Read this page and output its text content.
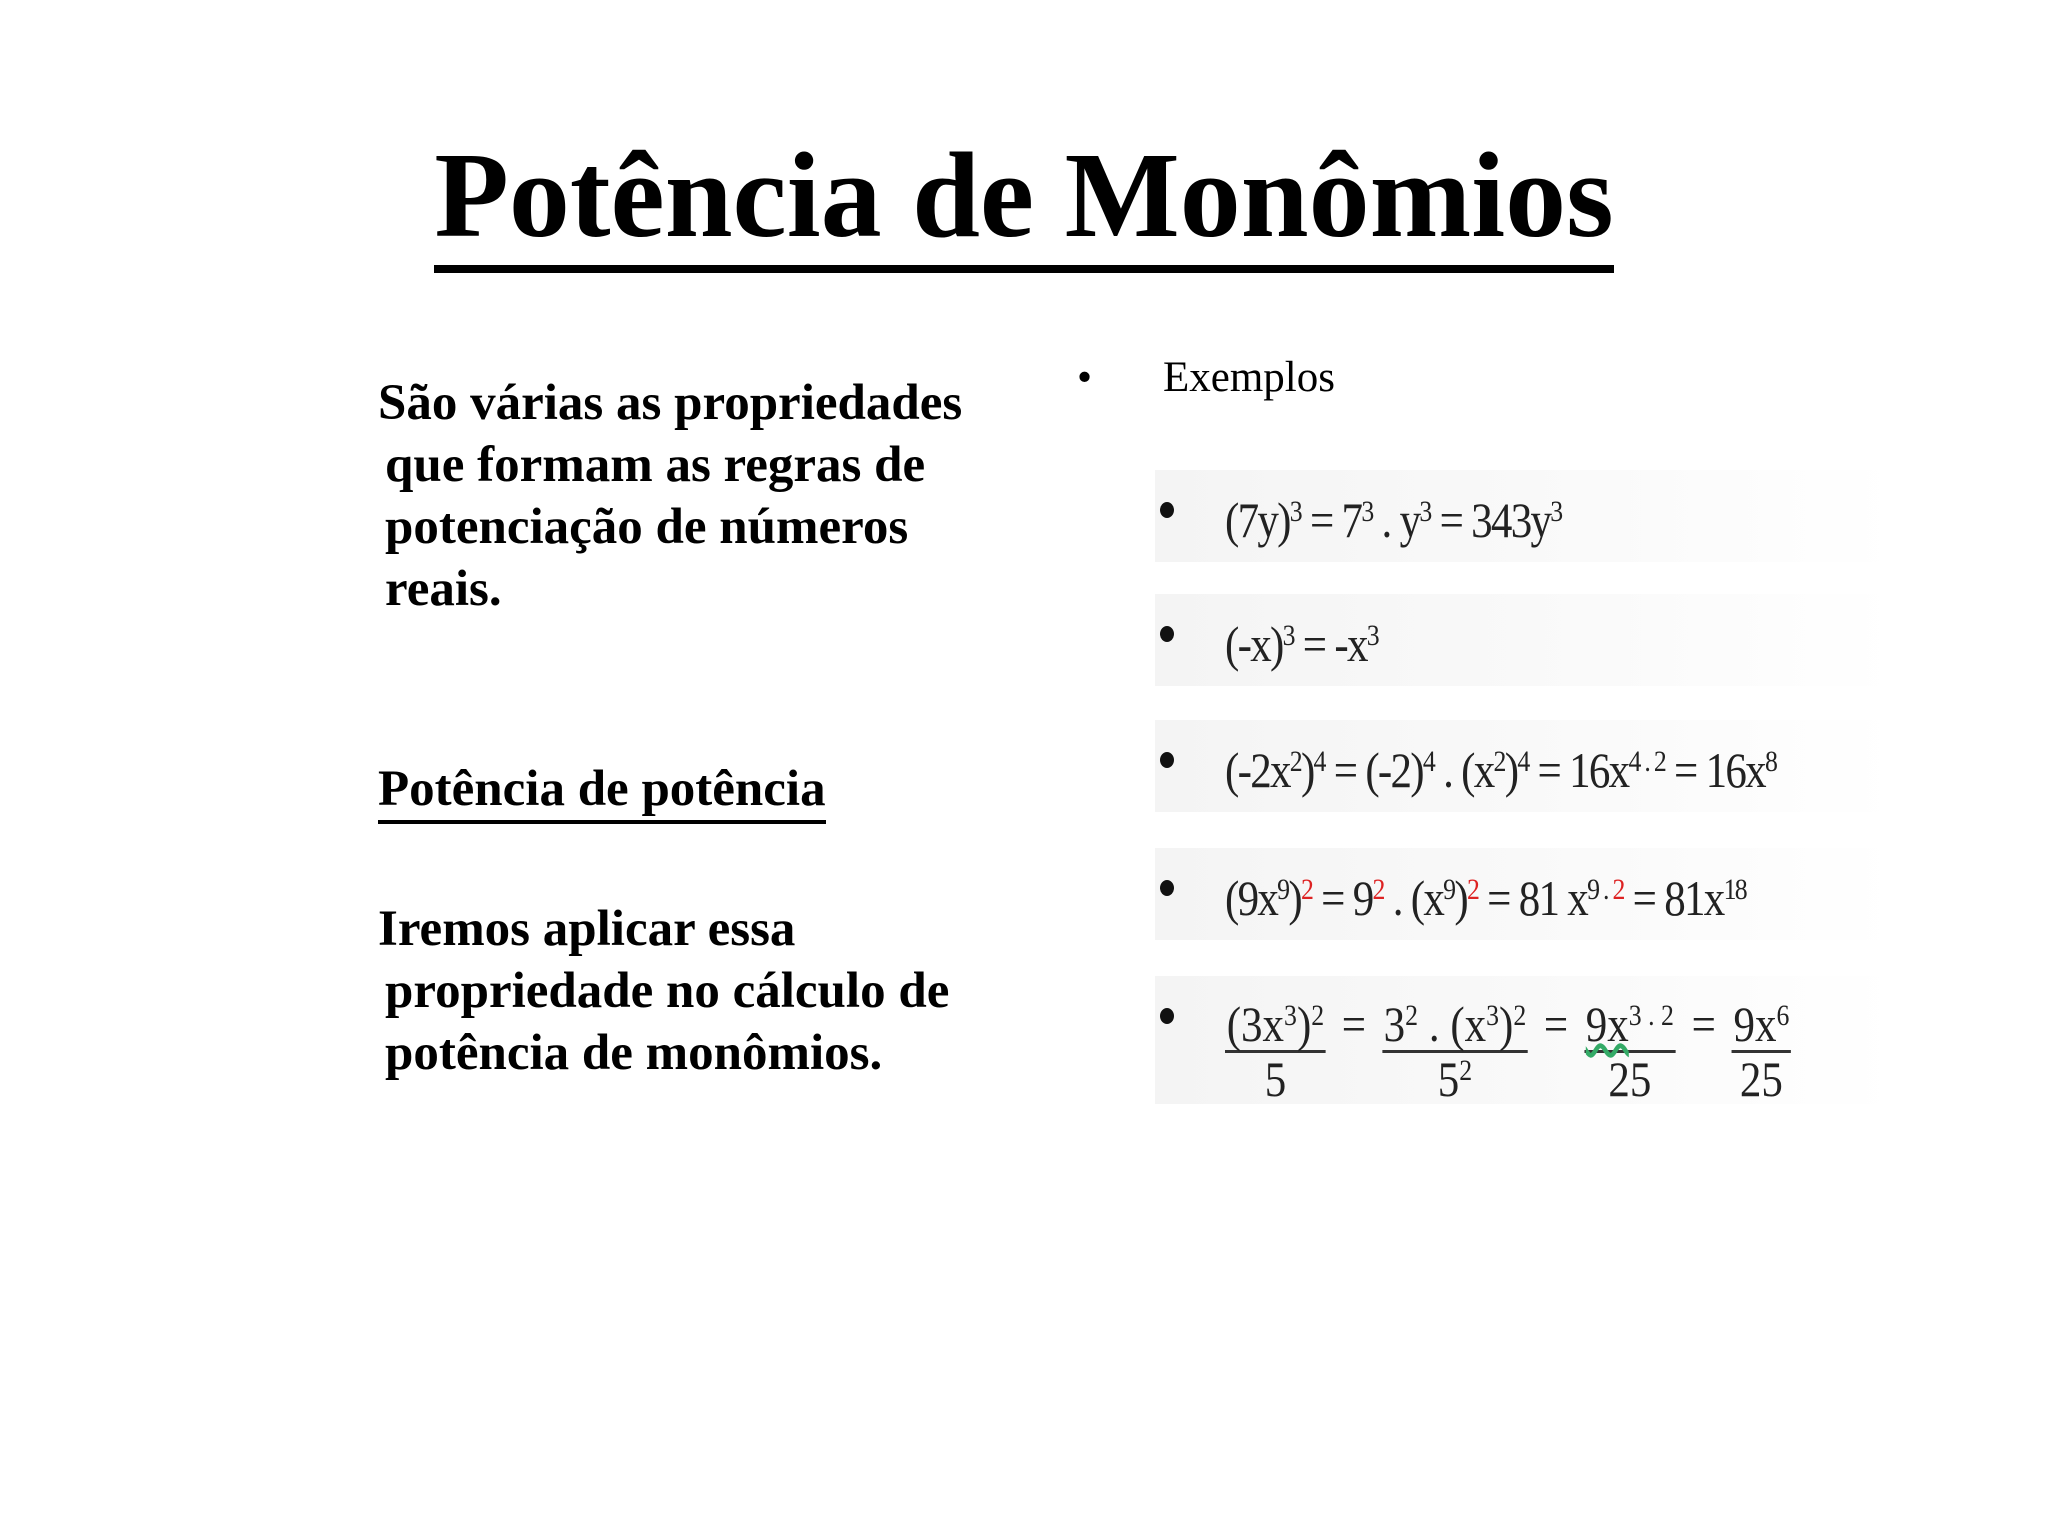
Potência de Monômios

São várias as propriedades que formam as regras de potenciação de números reais.

Potência de potência

Iremos aplicar essa propriedade no cálculo de potência de monômios.

•	Exemplos
$(7y)^3 = 7^3$ . $y^3 = 343y^3$
$(-x)^3 = -x^3$
$(-2x^2)^4 = (-2)^4$ . $(x^2)^4 = 16x^{4 . 2} = 16x^8$
$(9x^9)^2 = 9^2$ . $(x^9)^2 = 81$ $x^{9 . 2} = 81x^{18}$
$\frac{(3x^3)^2}{5} = \frac{3^2 . (x^3)^2}{5^2} = \frac{9x^{3 . 2}}{25} = \frac{9x^6}{25}$
